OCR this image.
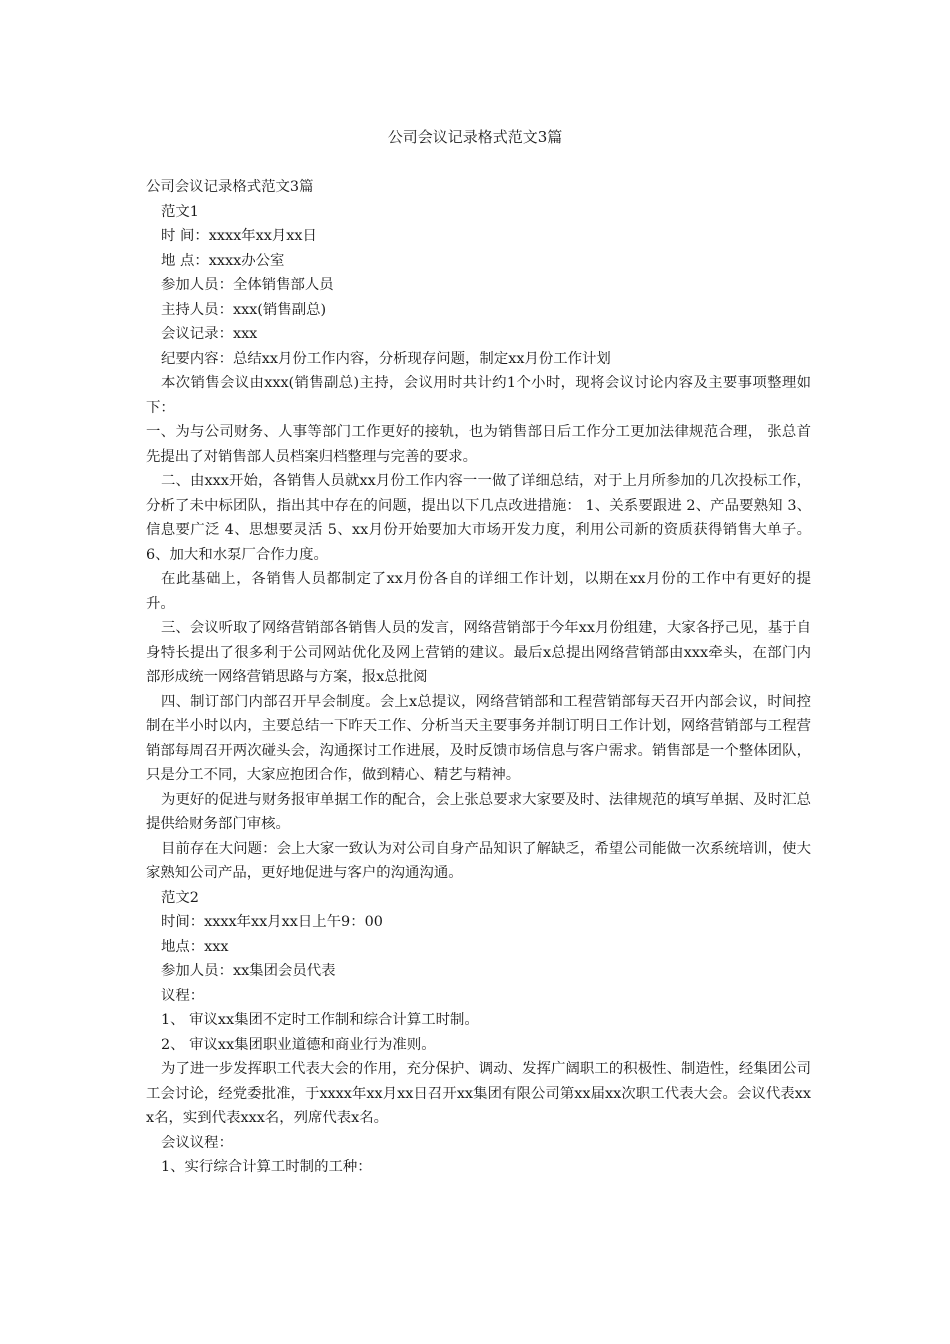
公司会议记录格式范文3篇

公司会议记录格式范文3篇

范文1

时 间：xxxx年xx月xx日

地 点：xxxx办公室

参加人员：全体销售部人员

主持人员：xxx(销售副总)

会议记录：xxx

纪要内容：总结xx月份工作内容，分析现存问题，制定xx月份工作计划

本次销售会议由xxx(销售副总)主持，会议用时共计约1个小时，现将会议讨论内容及主要事项整理如下：

一、为与公司财务、人事等部门工作更好的接轨，也为销售部日后工作分工更加法律规范合理， 张总首先提出了对销售部人员档案归档整理与完善的要求。

二、由xxx开始，各销售人员就xx月份工作内容一一做了详细总结，对于上月所参加的几次投标工作，分析了未中标团队，指出其中存在的问题，提出以下几点改进措施： 1、关系要跟进 2、产品要熟知 3、信息要广泛 4、思想要灵活 5、xx月份开始要加大市场开发力度，利用公司新的资质获得销售大单子。6、加大和水泵厂合作力度。

在此基础上，各销售人员都制定了xx月份各自的详细工作计划，以期在xx月份的工作中有更好的提升。

三、会议听取了网络营销部各销售人员的发言，网络营销部于今年xx月份组建，大家各抒己见，基于自身特长提出了很多利于公司网站优化及网上营销的建议。最后x总提出网络营销部由xxx牵头，在部门内部形成统一网络营销思路与方案，报x总批阅

四、制订部门内部召开早会制度。会上x总提议，网络营销部和工程营销部每天召开内部会议，时间控制在半小时以内，主要总结一下昨天工作、分析当天主要事务并制订明日工作计划，网络营销部与工程营销部每周召开两次碰头会，沟通探讨工作进展，及时反馈市场信息与客户需求。销售部是一个整体团队，只是分工不同，大家应抱团合作，做到精心、精艺与精神。

为更好的促进与财务报审单据工作的配合，会上张总要求大家要及时、法律规范的填写单据、及时汇总提供给财务部门审核。

目前存在大问题：会上大家一致认为对公司自身产品知识了解缺乏，希望公司能做一次系统培训，使大家熟知公司产品，更好地促进与客户的沟通沟通。

范文2

时间：xxxx年xx月xx日上午9：00

地点：xxx

参加人员：xx集团会员代表

议程：

1、 审议xx集团不定时工作制和综合计算工时制。

2、 审议xx集团职业道德和商业行为准则。

为了进一步发挥职工代表大会的作用，充分保护、调动、发挥广阔职工的积极性、制造性，经集团公司工会讨论，经党委批准，于xxxx年xx月xx日召开xx集团有限公司第xx届xx次职工代表大会。会议代表xxx名，实到代表xxx名，列席代表x名。

会议议程：

1、实行综合计算工时制的工种：
